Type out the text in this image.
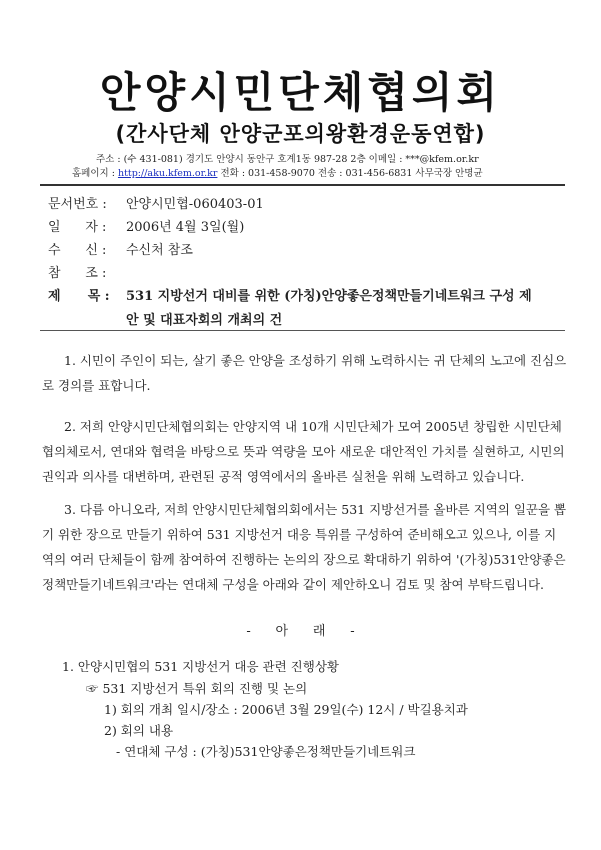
안양시민단체협의회
(간사단체 안양군포의왕환경운동연합)
주소 : (수 431-081) 경기도 안양시 동안구 호계1동 987-28 2층 이메일 : ***@kfem.or.kr
홈페이지 : http://aku.kfem.or.kr 전화 : 031-458-9070 전송 : 031-456-6831 사무국장 안명균
문서번호 : 안양시민협-060403-01
일      자 : 2006년 4월 3일(월)
수      신 : 수신처 참조
참      조 :
제      목 : 531 지방선거 대비를 위한 (가칭)안양좋은정책만들기네트워크 구성 제
안 및 대표자회의 개최의 건
1. 시민이 주인이 되는, 살기 좋은 안양을 조성하기 위해 노력하시는 귀 단체의 노고에 진심으로 경의를 표합니다.
2. 저희 안양시민단체협의회는 안양지역 내 10개 시민단체가 모여 2005년 창립한 시민단체협의체로서, 연대와 협력을 바탕으로 뜻과 역량을 모아 새로운 대안적인 가치를 실현하고, 시민의 권익과 의사를 대변하며, 관련된 공적 영역에서의 올바른 실천을 위해 노력하고 있습니다.
3. 다름 아니오라, 저희 안양시민단체협의회에서는 531 지방선거를 올바른 지역의 일꾼을 뽑기 위한 장으로 만들기 위하여 531 지방선거 대응 특위를 구성하여 준비해오고 있으나, 이를 지역의 여러 단체들이 함께 참여하여 진행하는 논의의 장으로 확대하기 위하여 '(가칭)531안양좋은정책만들기네트워크'라는 연대체 구성을 아래와 같이 제안하오니 검토 및 참여 부탁드립니다.
-      아      래      -
1. 안양시민협의 531 지방선거 대응 관련 진행상황
☞ 531 지방선거 특위 회의 진행 및 논의
1) 회의 개최 일시/장소 : 2006년 3월 29일(수) 12시 / 박길용치과
2) 회의 내용
- 연대체 구성 : (가칭)531안양좋은정책만들기네트워크
